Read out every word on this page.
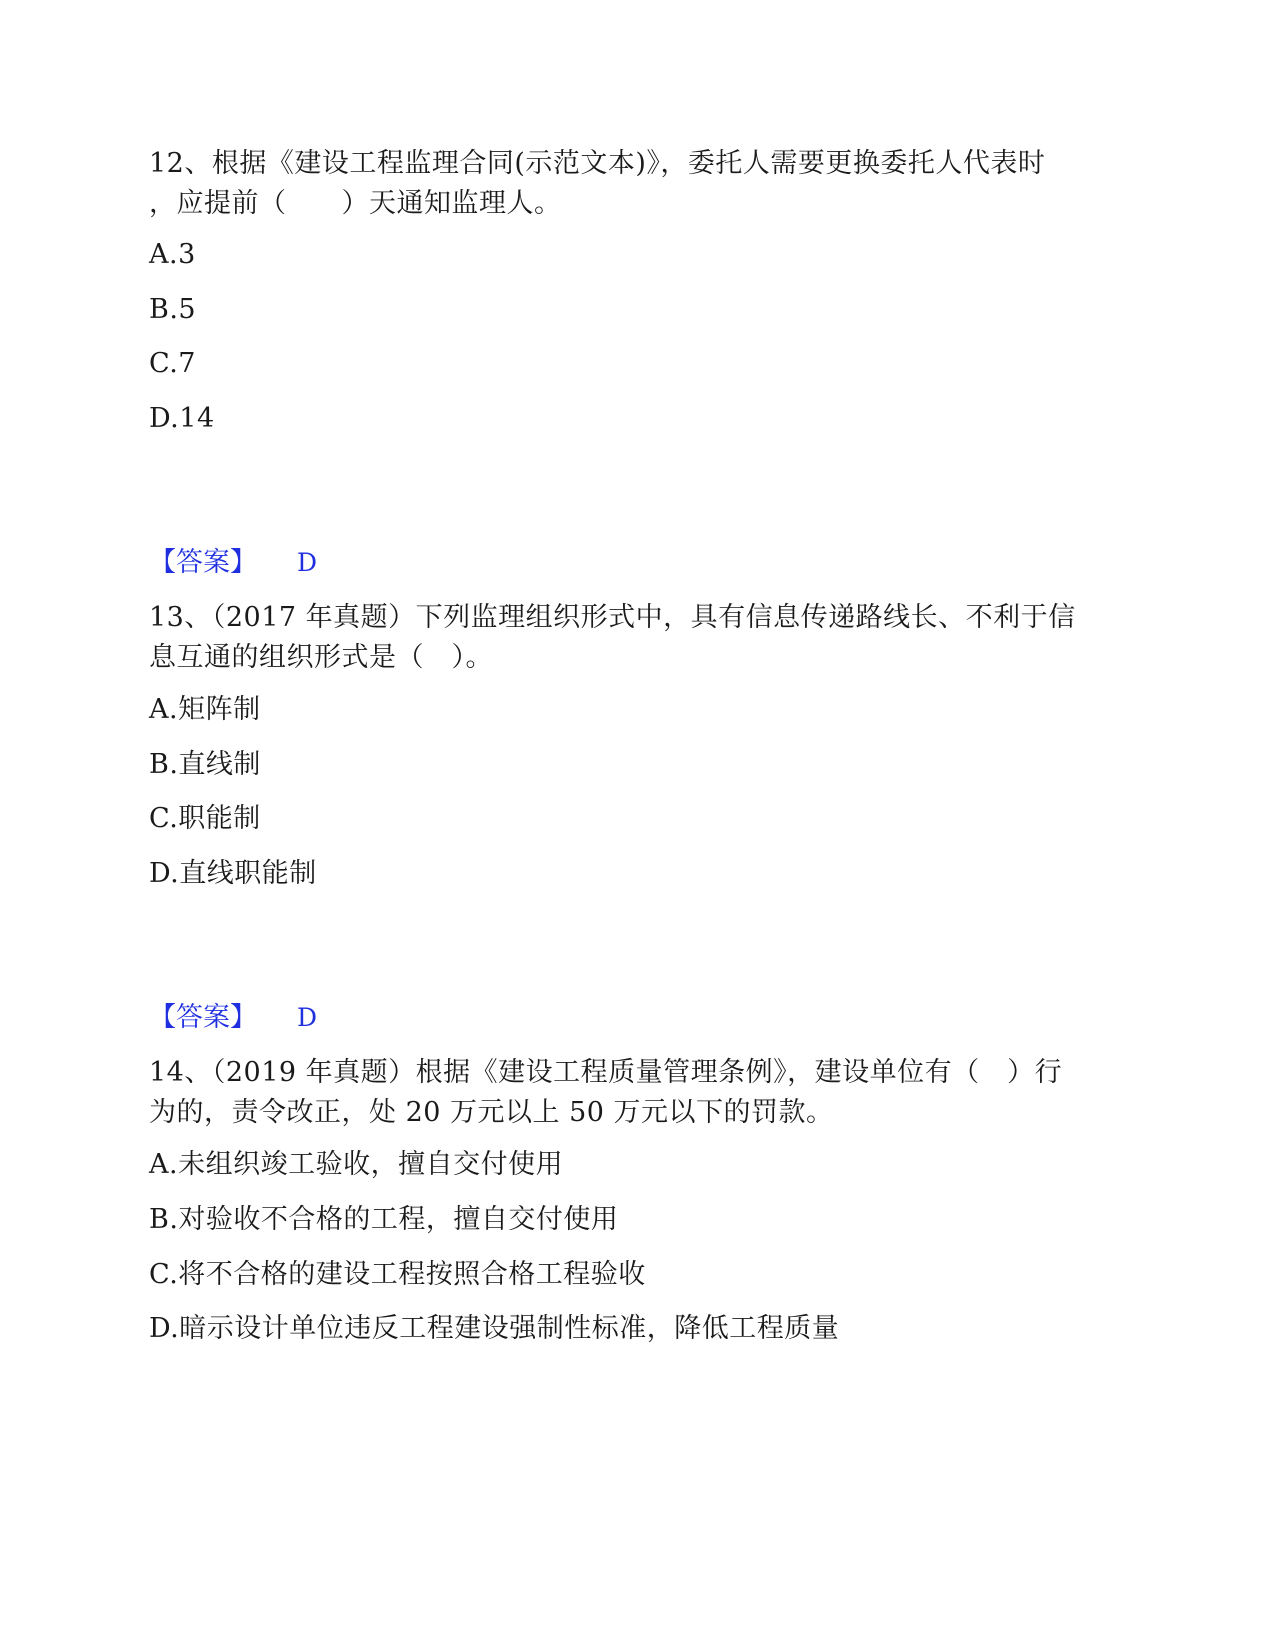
12、根据《建设工程监理合同(示范文本)》，委托人需要更换委托人代表时
，应提前（　　）天通知监理人。
A.3
B.5
C.7
D.14
【答案】 D
13、（2017 年真题）下列监理组织形式中，具有信息传递路线长、不利于信
息互通的组织形式是（　）。
A.矩阵制
B.直线制
C.职能制
D.直线职能制
【答案】 D
14、（2019 年真题）根据《建设工程质量管理条例》，建设单位有（　）行
为的，责令改正，处 20 万元以上 50 万元以下的罚款。
A.未组织竣工验收，擅自交付使用
B.对验收不合格的工程，擅自交付使用
C.将不合格的建设工程按照合格工程验收
D.暗示设计单位违反工程建设强制性标准，降低工程质量
